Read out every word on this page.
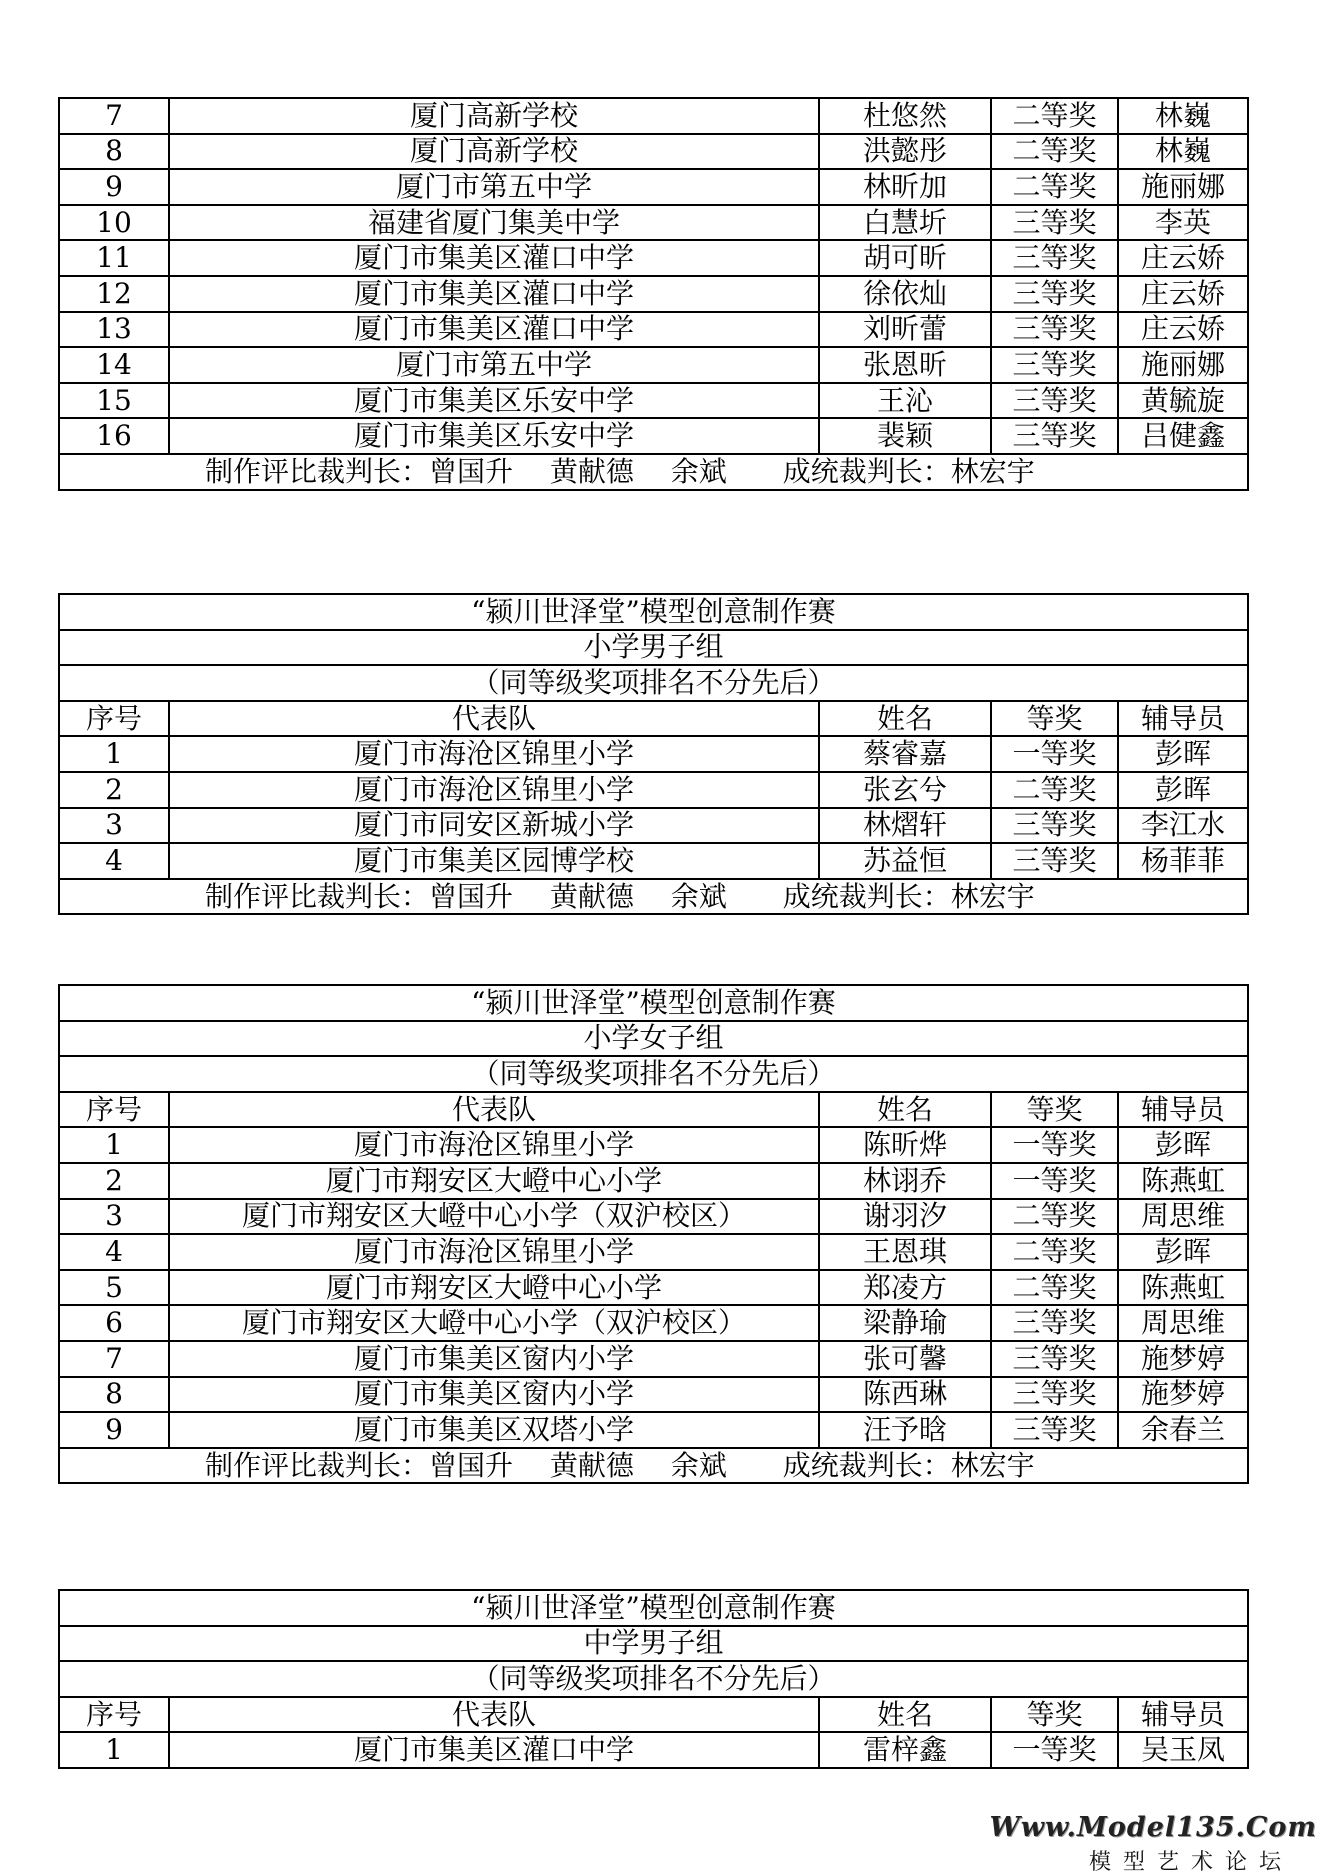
7	厦门高新学校	杜悠然	二等奖	林巍
8	厦门高新学校	洪懿彤	二等奖	林巍
9	厦门市第五中学	林昕加	二等奖	施丽娜
10	福建省厦门集美中学	白慧圻	三等奖	李英
11	厦门市集美区灌口中学	胡可昕	三等奖	庄云娇
12	厦门市集美区灌口中学	徐依灿	三等奖	庄云娇
13	厦门市集美区灌口中学	刘昕蕾	三等奖	庄云娇
14	厦门市第五中学	张恩昕	三等奖	施丽娜
15	厦门市集美区乐安中学	王沁	三等奖	黄毓旋
16	厦门市集美区乐安中学	裴颖	三等奖	吕健鑫
制作评比裁判长：曾国升　 黄献德　 余斌　　成统裁判长：林宏宇				
“颍川世泽堂”模型创意制作赛				
小学男子组				
（同等级奖项排名不分先后）				
序号	代表队	姓名	等奖	辅导员
1	厦门市海沧区锦里小学	蔡睿嘉	一等奖	彭晖
2	厦门市海沧区锦里小学	张玄兮	二等奖	彭晖
3	厦门市同安区新城小学	林熠轩	三等奖	李江水
4	厦门市集美区园博学校	苏益恒	三等奖	杨菲菲
制作评比裁判长：曾国升　 黄献德　 余斌　　成统裁判长：林宏宇				
“颍川世泽堂”模型创意制作赛				
小学女子组				
（同等级奖项排名不分先后）				
序号	代表队	姓名	等奖	辅导员
1	厦门市海沧区锦里小学	陈昕烨	一等奖	彭晖
2	厦门市翔安区大嶝中心小学	林诩乔	一等奖	陈燕虹
3	厦门市翔安区大嶝中心小学（双沪校区）	谢羽汐	二等奖	周思维
4	厦门市海沧区锦里小学	王恩琪	二等奖	彭晖
5	厦门市翔安区大嶝中心小学	郑凌方	二等奖	陈燕虹
6	厦门市翔安区大嶝中心小学（双沪校区）	梁静瑜	三等奖	周思维
7	厦门市集美区窗内小学	张可馨	三等奖	施梦婷
8	厦门市集美区窗内小学	陈西琳	三等奖	施梦婷
9	厦门市集美区双塔小学	汪予晗	三等奖	余春兰
制作评比裁判长：曾国升　 黄献德　 余斌　　成统裁判长：林宏宇				
“颍川世泽堂”模型创意制作赛				
中学男子组				
（同等级奖项排名不分先后）				
序号	代表队	姓名	等奖	辅导员
1	厦门市集美区灌口中学	雷梓鑫	一等奖	吴玉凤
Www.Model135.Com
模型艺术论坛
